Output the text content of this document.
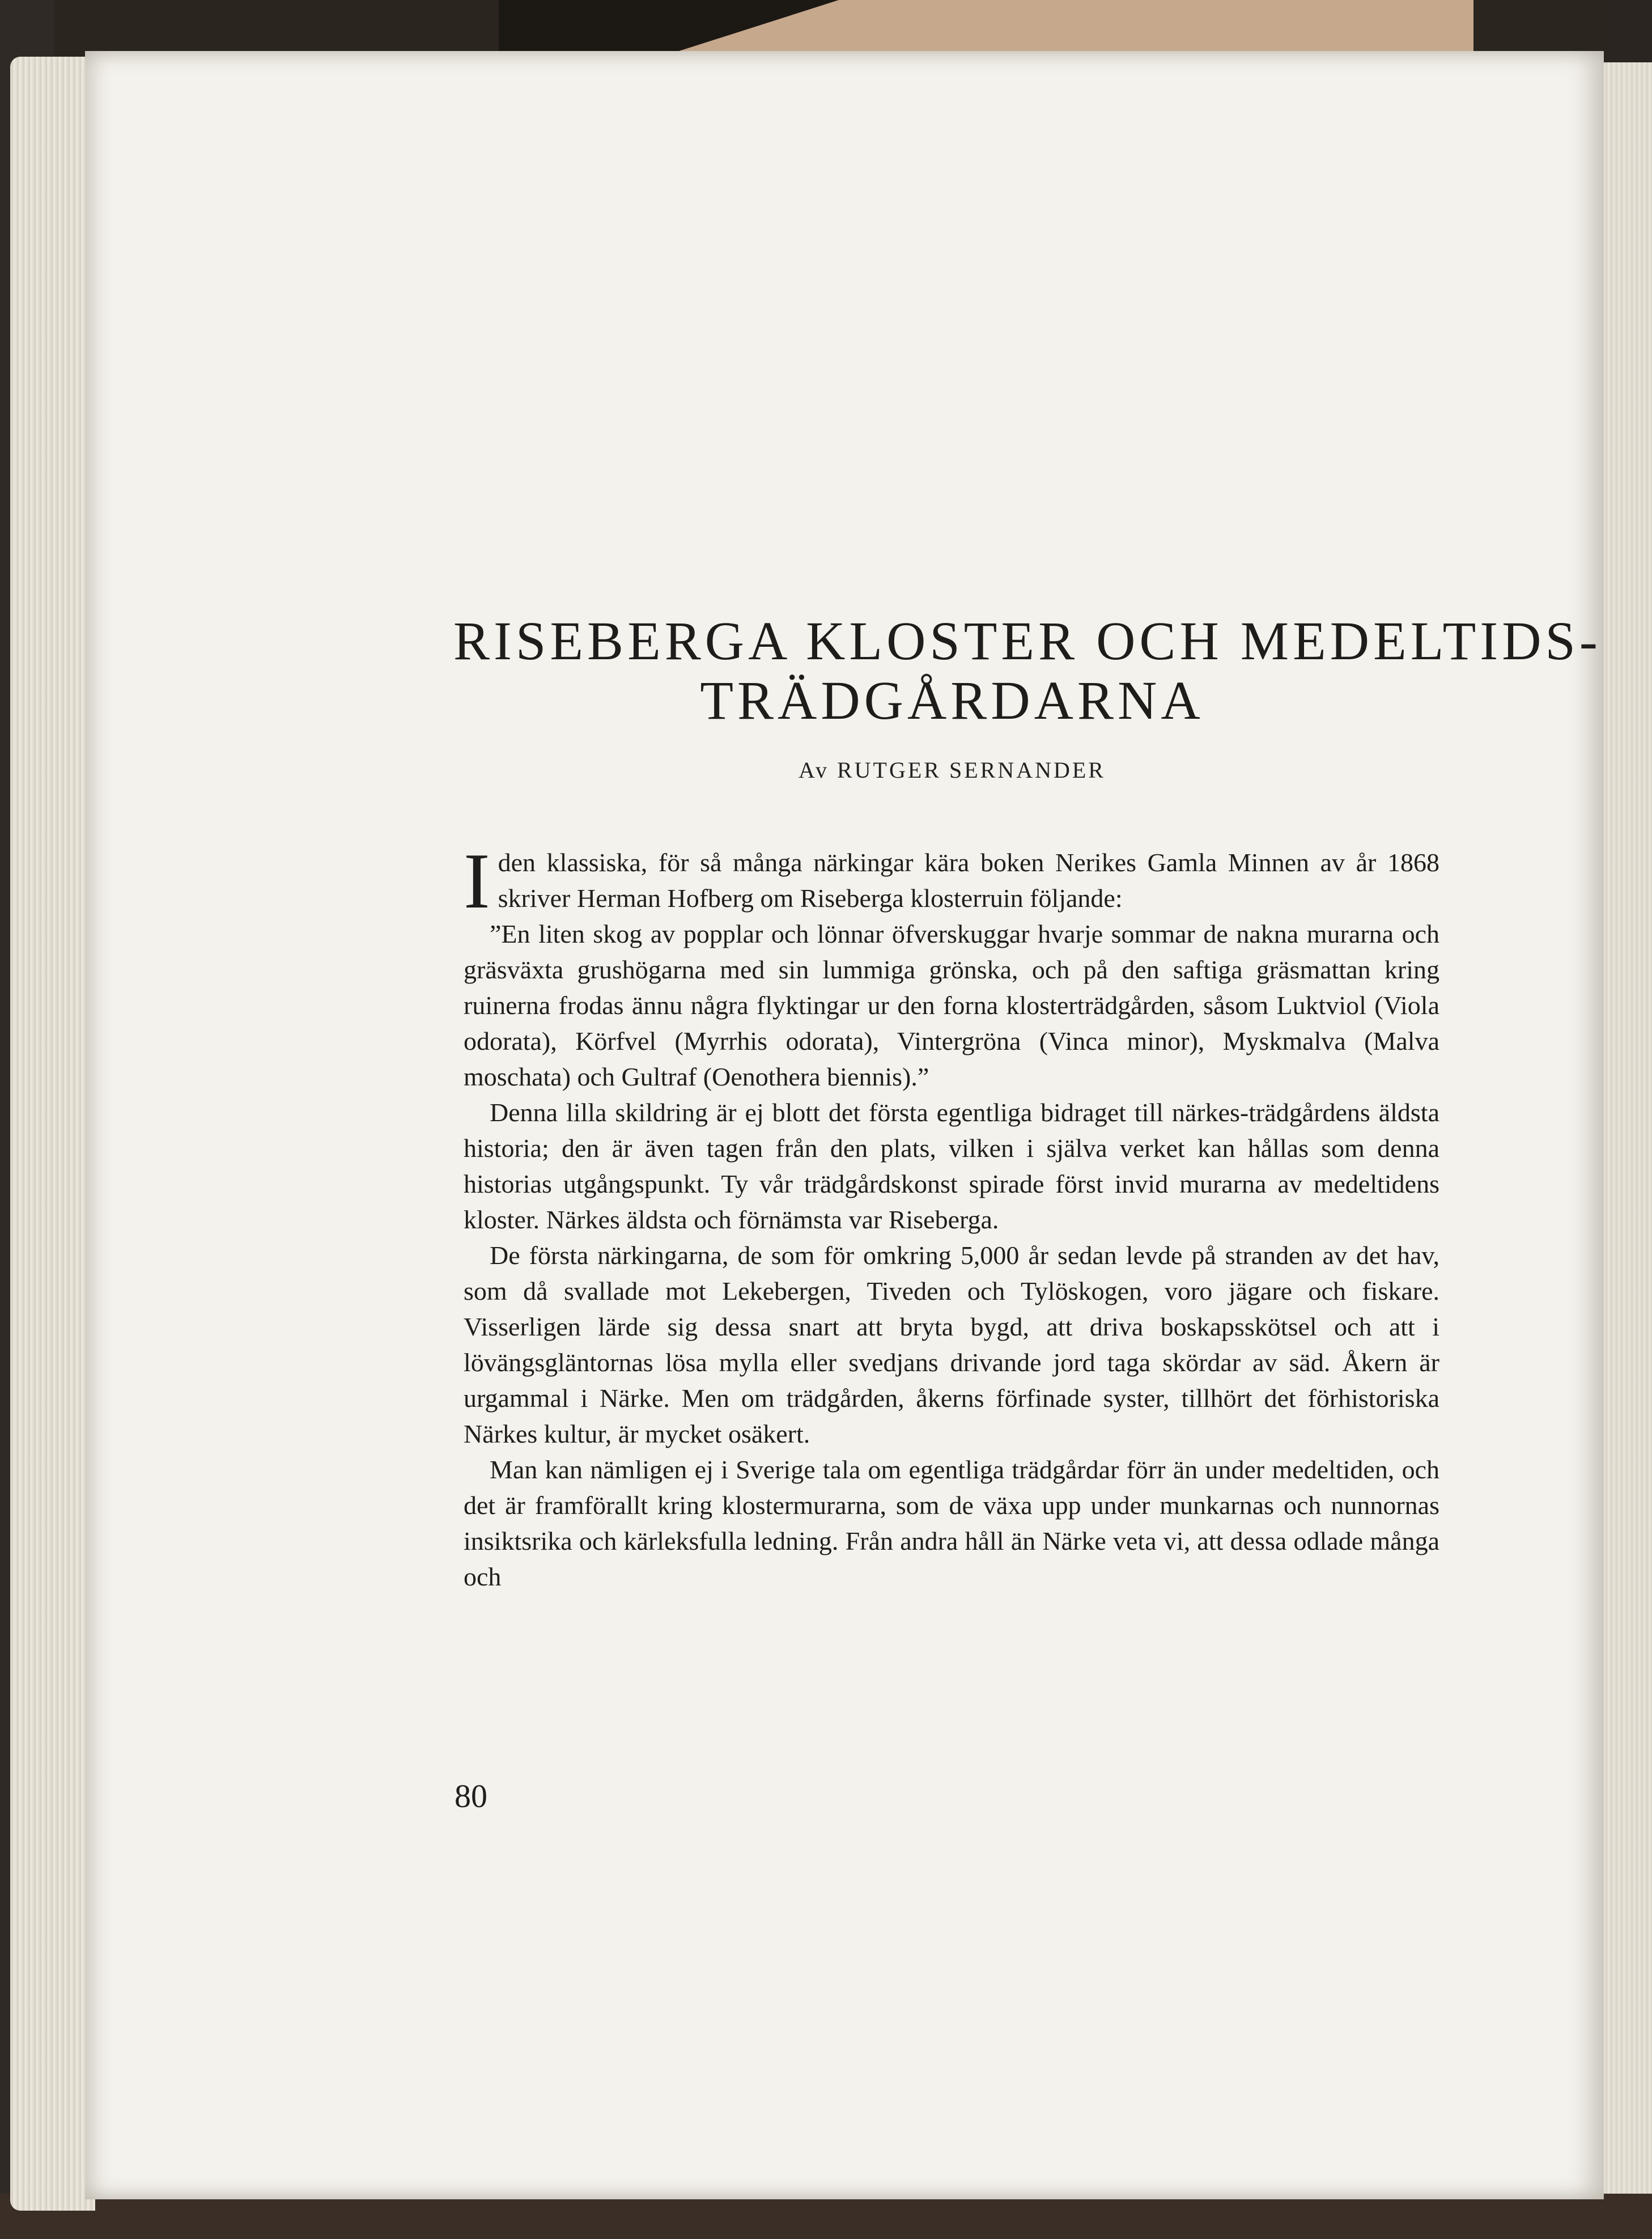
RISEBERGA KLOSTER OCH MEDELTIDS-
TRÄDGÅRDARNA
Av RUTGER SERNANDER

Iden klassiska, för så många närkingar kära boken Nerikes Gamla Minnen av år 1868 skriver Herman Hofberg om Riseberga klosterruin följande:

”En liten skog av popplar och lönnar öfverskuggar hvarje sommar de nakna murarna och gräsväxta grushögarna med sin lummiga grönska, och på den saftiga gräsmattan kring ruinerna frodas ännu några flyktingar ur den forna klosterträdgården, såsom Luktviol (Viola odorata), Körfvel (Myrrhis odorata), Vintergröna (Vinca minor), Myskmalva (Malva moschata) och Gultraf (Oenothera biennis).”

Denna lilla skildring är ej blott det första egentliga bidraget till närkes-trädgårdens äldsta historia; den är även tagen från den plats, vilken i själva verket kan hållas som denna historias utgångspunkt. Ty vår trädgårdskonst spirade först invid murarna av medeltidens kloster. Närkes äldsta och förnämsta var Riseberga.

De första närkingarna, de som för omkring 5,000 år sedan levde på stranden av det hav, som då svallade mot Lekebergen, Tiveden och Tylöskogen, voro jägare och fiskare. Visserligen lärde sig dessa snart att bryta bygd, att driva boskapsskötsel och att i lövängsgläntornas lösa mylla eller svedjans drivande jord taga skördar av säd. Åkern är urgammal i Närke. Men om trädgården, åkerns förfinade syster, tillhört det förhistoriska Närkes kultur, är mycket osäkert.

Man kan nämligen ej i Sverige tala om egentliga trädgårdar förr än under medeltiden, och det är framförallt kring klostermurarna, som de växa upp under munkarnas och nunnornas insiktsrika och kärleksfulla ledning. Från andra håll än Närke veta vi, att dessa odlade många och

80
